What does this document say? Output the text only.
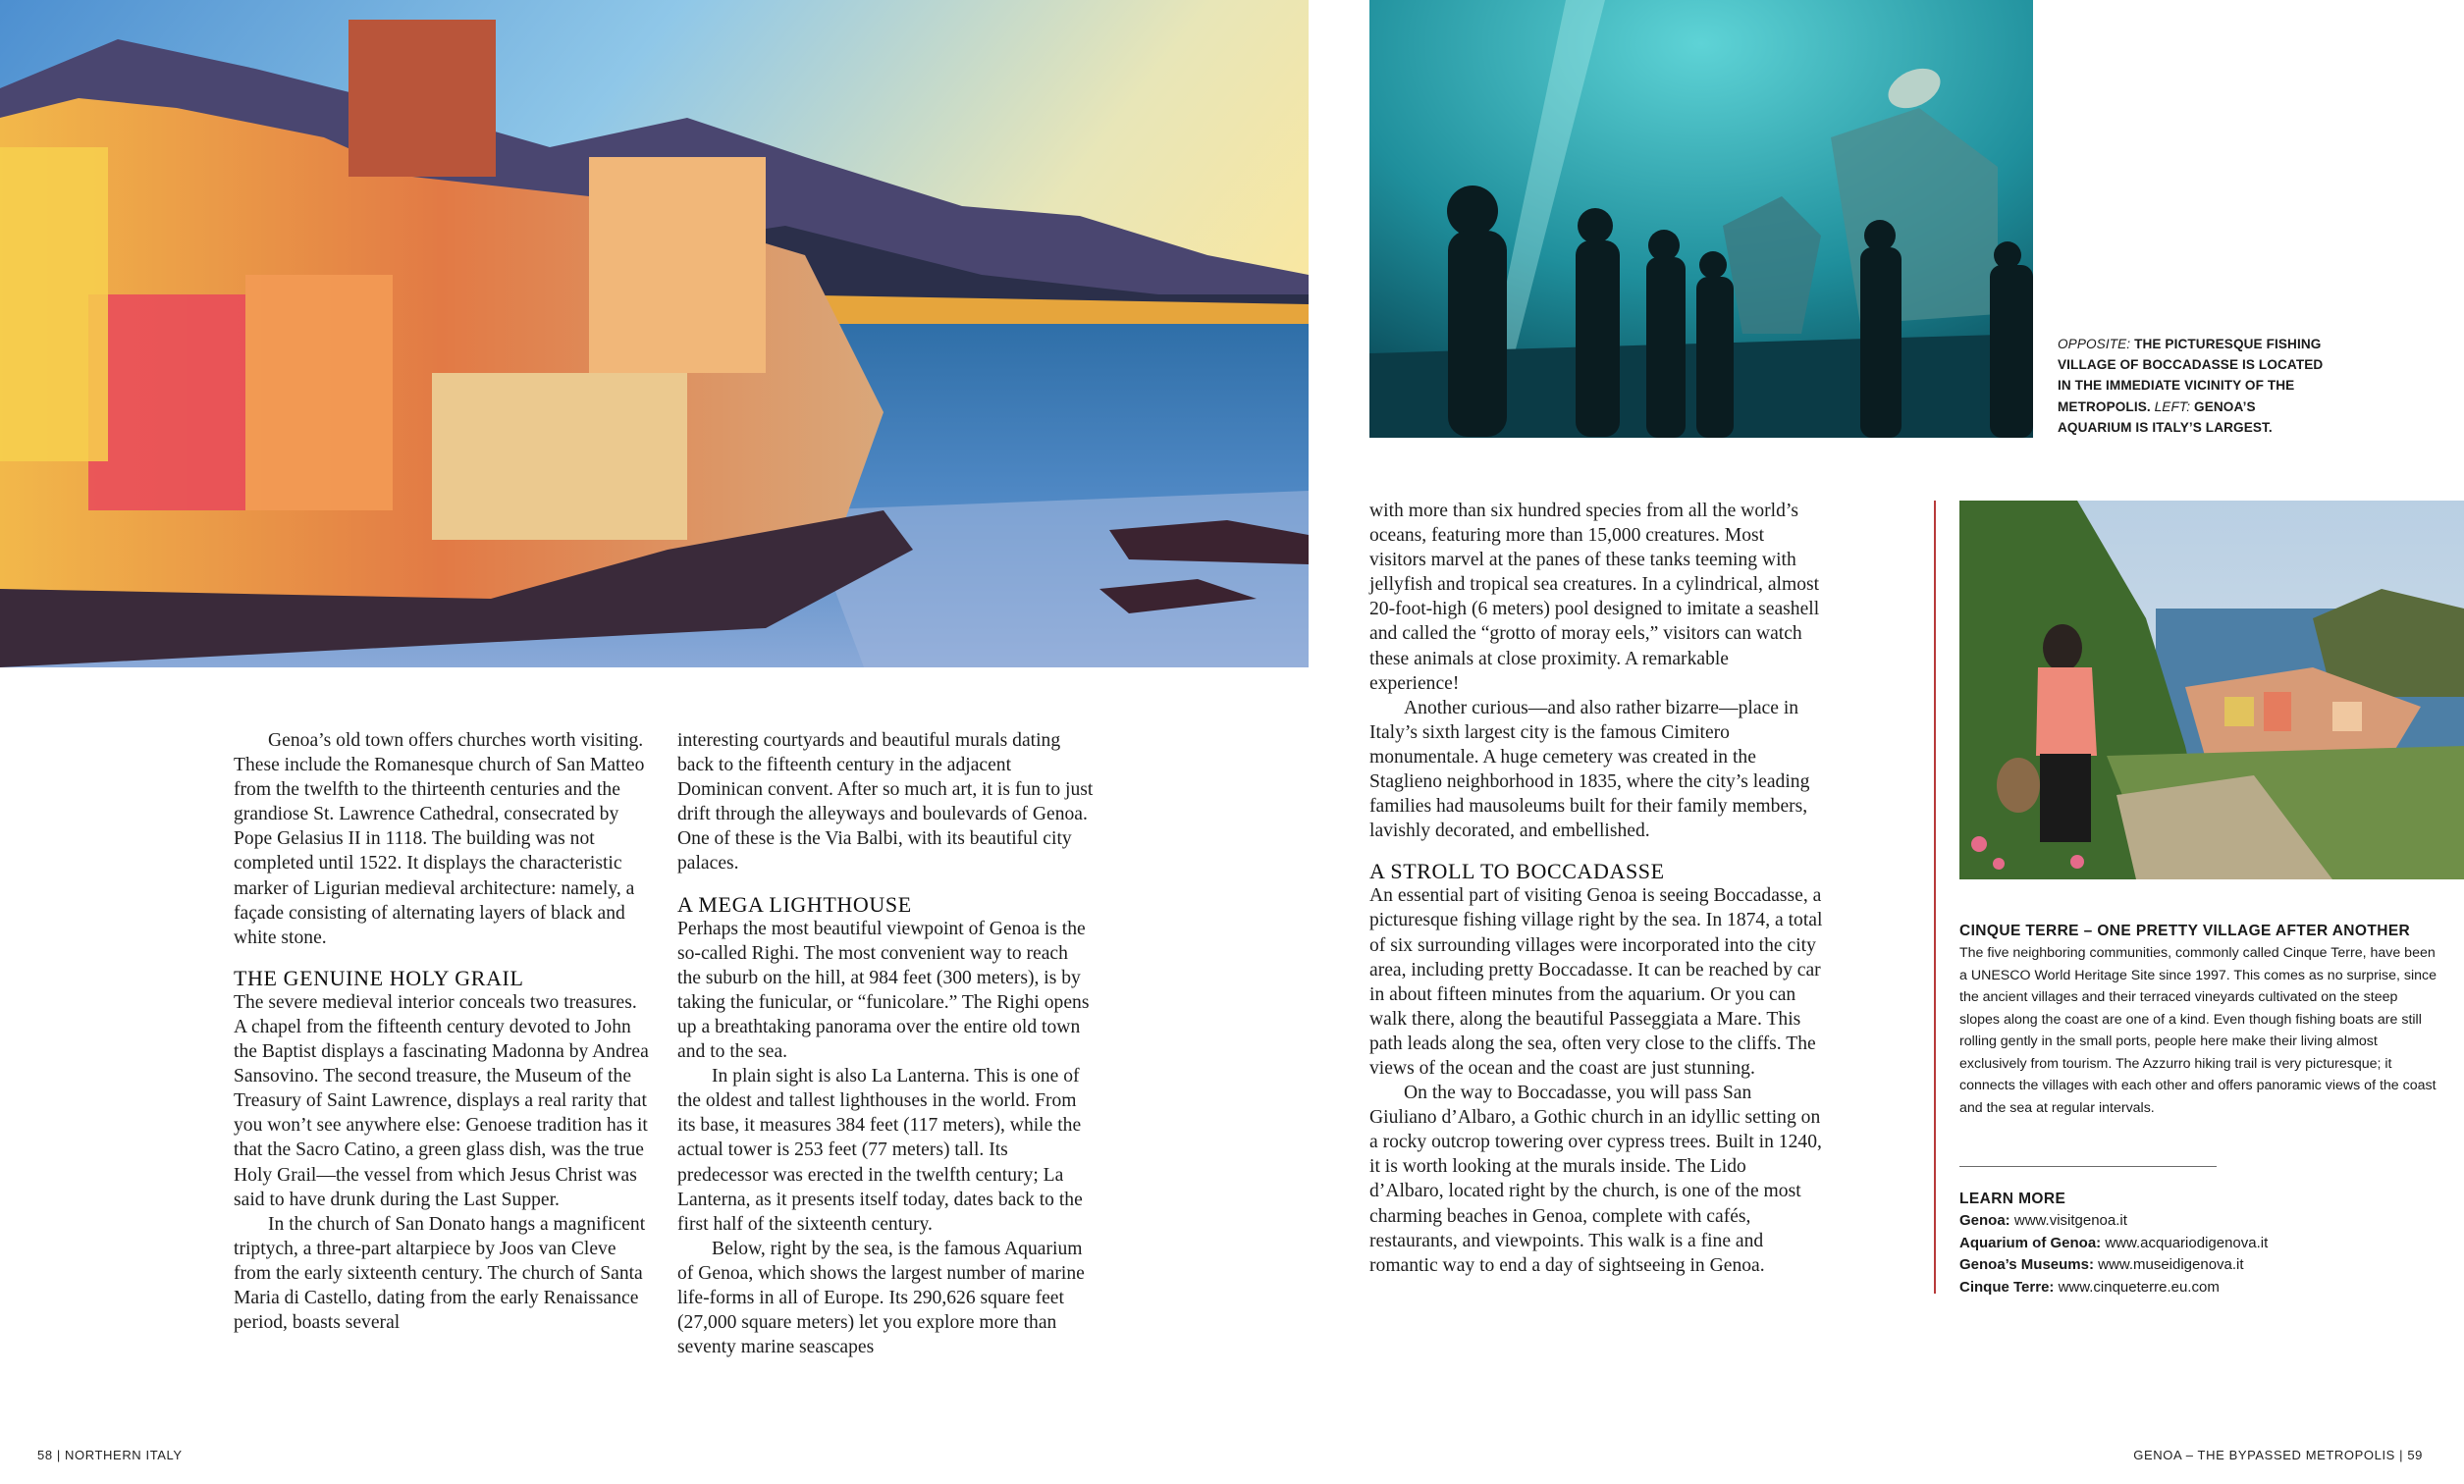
Genoa’s old town offers churches worth visiting. These include the Romanesque church of San Matteo from the twelfth to the thirteenth centuries and the grandiose St. Lawrence Cathedral, consecrated by Pope Gelasius II in 1118. The building was not completed until 1522. It displays the characteristic marker of Ligurian medieval architecture: namely, a façade consisting of alternating layers of black and white stone.

THE GENUINE HOLY GRAIL

The severe medieval interior conceals two treasures. A chapel from the fifteenth century devoted to John the Baptist displays a fascinating Madonna by Andrea Sansovino. The second treasure, the Museum of the Treasury of Saint Lawrence, displays a real rarity that you won’t see anywhere else: Genoese tradition has it that the Sacro Catino, a green glass dish, was the true Holy Grail—the vessel from which Jesus Christ was said to have drunk during the Last Supper.

In the church of San Donato hangs a magnificent triptych, a three-part altarpiece by Joos van Cleve from the early sixteenth century. The church of Santa Maria di Castello, dating from the early Renaissance period, boasts several

interesting courtyards and beautiful murals dating back to the fifteenth century in the adjacent Dominican convent. After so much art, it is fun to just drift through the alleyways and boulevards of Genoa. One of these is the Via Balbi, with its beautiful city palaces.

A MEGA LIGHTHOUSE

Perhaps the most beautiful viewpoint of Genoa is the so-called Righi. The most convenient way to reach the suburb on the hill, at 984 feet (300 meters), is by taking the funicular, or “funicolare.” The Righi opens up a breathtaking panorama over the entire old town and to the sea.

In plain sight is also La Lanterna. This is one of the oldest and tallest lighthouses in the world. From its base, it measures 384 feet (117 meters), while the actual tower is 253 feet (77 meters) tall. Its predecessor was erected in the twelfth century; La Lanterna, as it presents itself today, dates back to the first half of the sixteenth century.

Below, right by the sea, is the famous Aquarium of Genoa, which shows the largest number of marine life-forms in all of Europe. Its 290,626 square feet (27,000 square meters) let you explore more than seventy marine seascapes

with more than six hundred species from all the world’s oceans, featuring more than 15,000 creatures. Most visitors marvel at the panes of these tanks teeming with jellyfish and tropical sea creatures. In a cylindrical, almost 20-foot-high (6 meters) pool designed to imitate a seashell and called the “grotto of moray eels,” visitors can watch these animals at close proximity. A remarkable experience!

Another curious—and also rather bizarre—place in Italy’s sixth largest city is the famous Cimitero monumentale. A huge cemetery was created in the Staglieno neighborhood in 1835, where the city’s leading families had mausoleums built for their family members, lavishly decorated, and embellished.

A STROLL TO BOCCADASSE

An essential part of visiting Genoa is seeing Boccadasse, a picturesque fishing village right by the sea. In 1874, a total of six surrounding villages were incorporated into the city area, including pretty Boccadasse. It can be reached by car in about fifteen minutes from the aquarium. Or you can walk there, along the beautiful Passeggiata a Mare. This path leads along the sea, often very close to the cliffs. The views of the ocean and the coast are just stunning.

On the way to Boccadasse, you will pass San Giuliano d’Albaro, a Gothic church in an idyllic setting on a rocky outcrop towering over cypress trees. Built in 1240, it is worth looking at the murals inside. The Lido d’Albaro, located right by the church, is one of the most charming beaches in Genoa, complete with cafés, restaurants, and viewpoints. This walk is a fine and romantic way to end a day of sightseeing in Genoa.

OPPOSITE: THE PICTURESQUE FISHING VILLAGE OF BOCCADASSE IS LOCATED IN THE IMMEDIATE VICINITY OF THE METROPOLIS. LEFT: GENOA’S AQUARIUM IS ITALY’S LARGEST.

CINQUE TERRE – ONE PRETTY VILLAGE AFTER ANOTHER

The five neighboring communities, commonly called Cinque Terre, have been a UNESCO World Heritage Site since 1997. This comes as no surprise, since the ancient villages and their terraced vineyards cultivated on the steep slopes along the coast are one of a kind. Even though fishing boats are still rolling gently in the small ports, people here make their living almost exclusively from tourism. The Azzurro hiking trail is very picturesque; it connects the villages with each other and offers panoramic views of the coast and the sea at regular intervals.

LEARN MORE

Genoa: www.visitgenoa.it

Aquarium of Genoa: www.acquariodigenova.it

Genoa’s Museums: www.museidigenova.it

Cinque Terre: www.cinqueterre.eu.com

58 | NORTHERN ITALY	GENOA – THE BYPASSED METROPOLIS | 59
